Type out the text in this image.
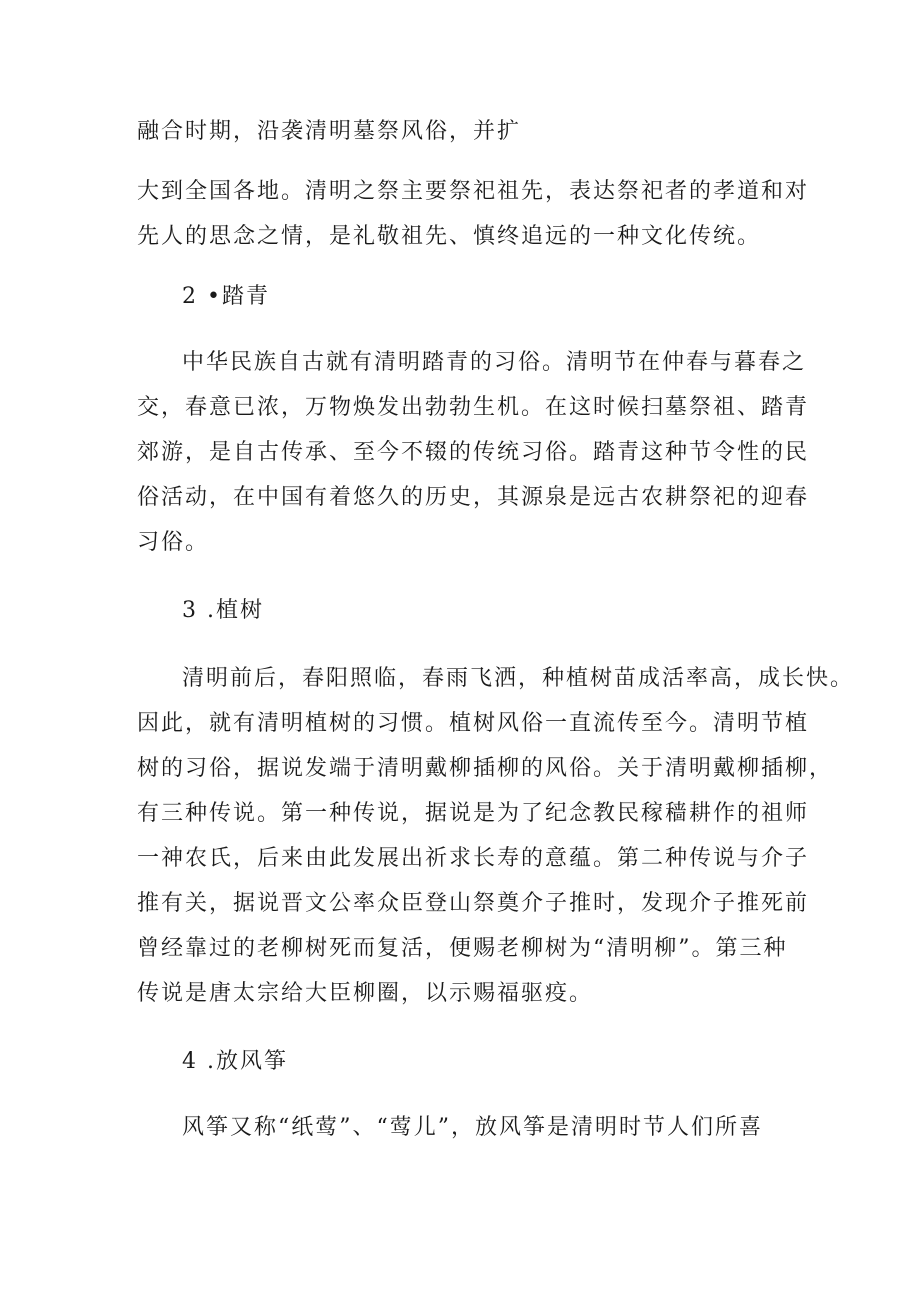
融合时期，沿袭清明墓祭风俗，并扩
大到全国各地。清明之祭主要祭祀祖先，表达祭祀者的孝道和对
先人的思念之情，是礼敬祖先、慎终追远的一种文化传统。
2 •踏青
中华民族自古就有清明踏青的习俗。清明节在仲春与暮春之
交，春意已浓，万物焕发出勃勃生机。在这时候扫墓祭祖、踏青
郊游，是自古传承、至今不辍的传统习俗。踏青这种节令性的民
俗活动，在中国有着悠久的历史，其源泉是远古农耕祭祀的迎春
习俗。
3 .植树
清明前后，春阳照临，春雨飞洒，种植树苗成活率高，成长快。
因此，就有清明植树的习惯。植树风俗一直流传至今。清明节植
树的习俗，据说发端于清明戴柳插柳的风俗。关于清明戴柳插柳，
有三种传说。第一种传说，据说是为了纪念教民稼穑耕作的祖师
一神农氏，后来由此发展出祈求长寿的意蕴。第二种传说与介子
推有关，据说晋文公率众臣登山祭奠介子推时，发现介子推死前
曾经靠过的老柳树死而复活，便赐老柳树为“清明柳”。第三种
传说是唐太宗给大臣柳圈，以示赐福驱疫。
4 .放风筝
风筝又称“纸莺”、“莺儿”，放风筝是清明时节人们所喜
